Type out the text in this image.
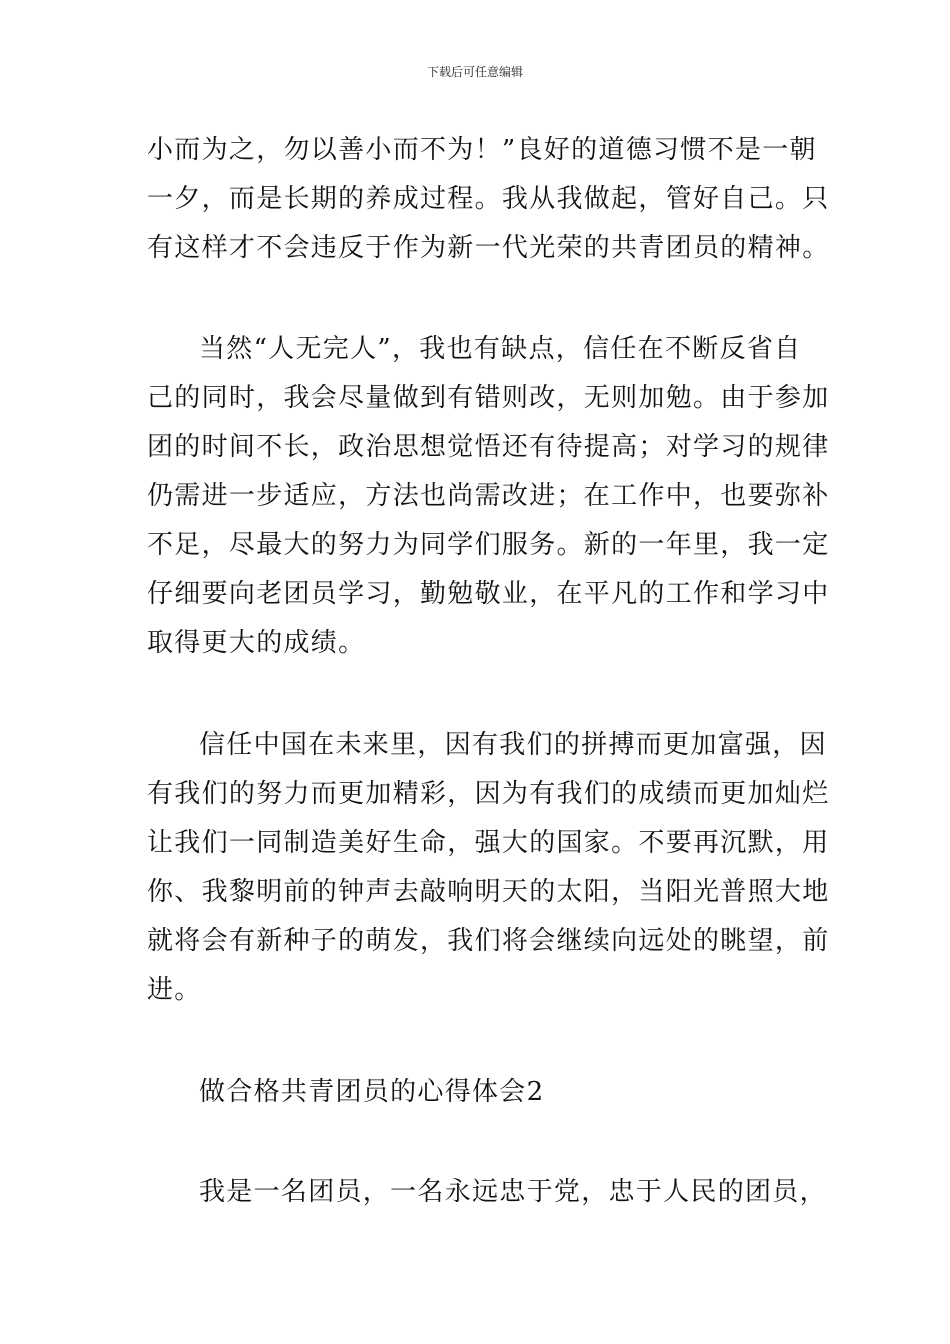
下载后可任意编辑
小而为之，勿以善小而不为！”良好的道德习惯不是一朝
一夕，而是长期的养成过程。我从我做起，管好自己。只
有这样才不会违反于作为新一代光荣的共青团员的精神。
当然“人无完人”，我也有缺点，信任在不断反省自
己的同时，我会尽量做到有错则改，无则加勉。由于参加
团的时间不长，政治思想觉悟还有待提高；对学习的规律
仍需进一步适应，方法也尚需改进；在工作中，也要弥补
不足，尽最大的努力为同学们服务。新的一年里，我一定
仔细要向老团员学习，勤勉敬业，在平凡的工作和学习中
取得更大的成绩。
信任中国在未来里，因有我们的拼搏而更加富强，因
有我们的努力而更加精彩，因为有我们的成绩而更加灿烂
让我们一同制造美好生命，强大的国家。不要再沉默，用
你、我黎明前的钟声去敲响明天的太阳，当阳光普照大地
就将会有新种子的萌发，我们将会继续向远处的眺望，前
进。
做合格共青团员的心得体会2
我是一名团员，一名永远忠于党，忠于人民的团员，
